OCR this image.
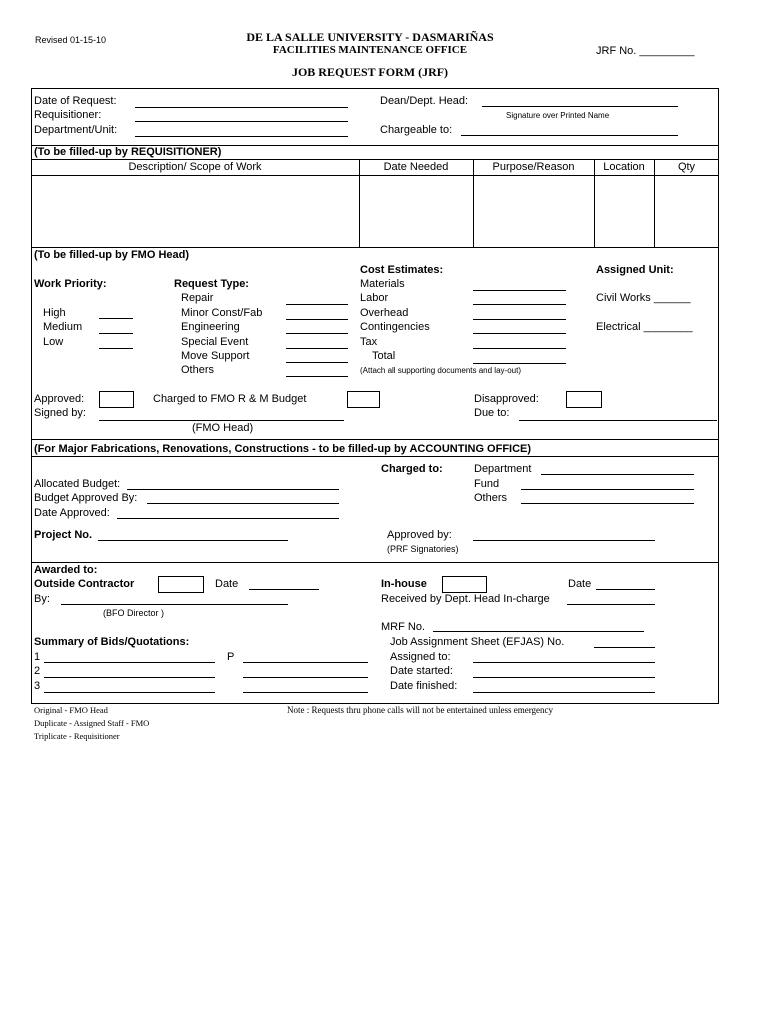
Revised 01-15-10	DE LA SALLE UNIVERSITY - DASMARIÑAS
FACILITIES MAINTENANCE OFFICE
JOB REQUEST FORM (JRF)
JRF No. _________
Date of Request:
Requisitioner:
Department/Unit:
Dean/Dept. Head:
Signature over Printed Name
Chargeable to:
(To be filled-up by REQUISITIONER)
Description/ Scope of Work	Date Needed	Purpose/Reason	Location	Qty
(To be filled-up by FMO Head)
Work Priority:
High
Medium
Low
Request Type:
Repair
Minor Const/Fab
Engineering
Special Event
Move Support
Others
Cost Estimates:
Materials
Labor
Overhead
Contingencies
Tax
Total
(Attach all supporting documents and lay-out)
Assigned Unit:
Civil Works ______
Electrical ________
Approved:	Charged to FMO R & M Budget	Disapproved:
Signed by:	Due to:
(FMO Head)
(For Major Fabrications, Renovations, Constructions - to be filled-up by ACCOUNTING OFFICE)
Charged to:	Department
Fund
Others
Allocated Budget:
Budget Approved By:
Date Approved:
Project No.	Approved by:
(PRF Signatories)
Awarded to:
Outside Contractor	Date
By:
(BFO Director )
In-house	Date
Received by Dept. Head In-charge
MRF No.
Job Assignment Sheet (EFJAS) No.
Assigned to:
Date started:
Date finished:
Summary of Bids/Quotations:
1	P
2
3
Original - FMO Head
Duplicate - Assigned Staff - FMO
Triplicate - Requisitioner
Note : Requests thru phone calls will not be entertained unless emergency
